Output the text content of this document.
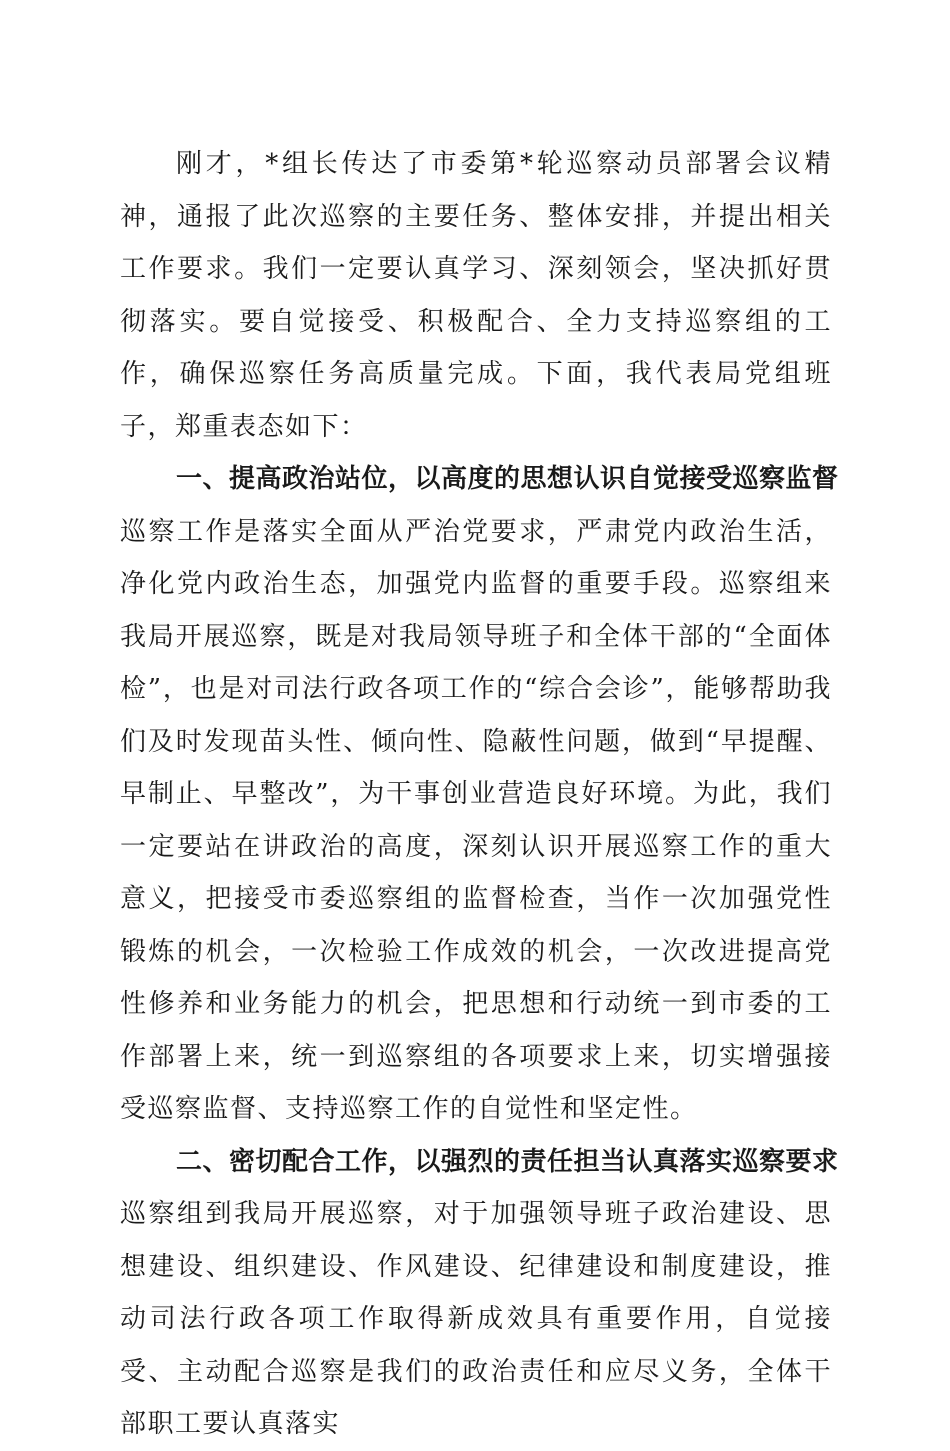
刚才，*组长传达了市委第*轮巡察动员部署会议精神，通报了此次巡察的主要任务、整体安排，并提出相关工作要求。我们一定要认真学习、深刻领会，坚决抓好贯彻落实。要自觉接受、积极配合、全力支持巡察组的工作，确保巡察任务高质量完成。下面，我代表局党组班子，郑重表态如下：

一、提高政治站位，以高度的思想认识自觉接受巡察监督

巡察工作是落实全面从严治党要求，严肃党内政治生活，净化党内政治生态，加强党内监督的重要手段。巡察组来我局开展巡察，既是对我局领导班子和全体干部的“全面体检”，也是对司法行政各项工作的“综合会诊”，能够帮助我们及时发现苗头性、倾向性、隐蔽性问题，做到“早提醒、早制止、早整改”，为干事创业营造良好环境。为此，我们一定要站在讲政治的高度，深刻认识开展巡察工作的重大意义，把接受市委巡察组的监督检查，当作一次加强党性锻炼的机会，一次检验工作成效的机会，一次改进提高党性修养和业务能力的机会，把思想和行动统一到市委的工作部署上来，统一到巡察组的各项要求上来，切实增强接受巡察监督、支持巡察工作的自觉性和坚定性。

二、密切配合工作，以强烈的责任担当认真落实巡察要求

巡察组到我局开展巡察，对于加强领导班子政治建设、思想建设、组织建设、作风建设、纪律建设和制度建设，推动司法行政各项工作取得新成效具有重要作用，自觉接受、主动配合巡察是我们的政治责任和应尽义务，全体干部职工要认真落实
